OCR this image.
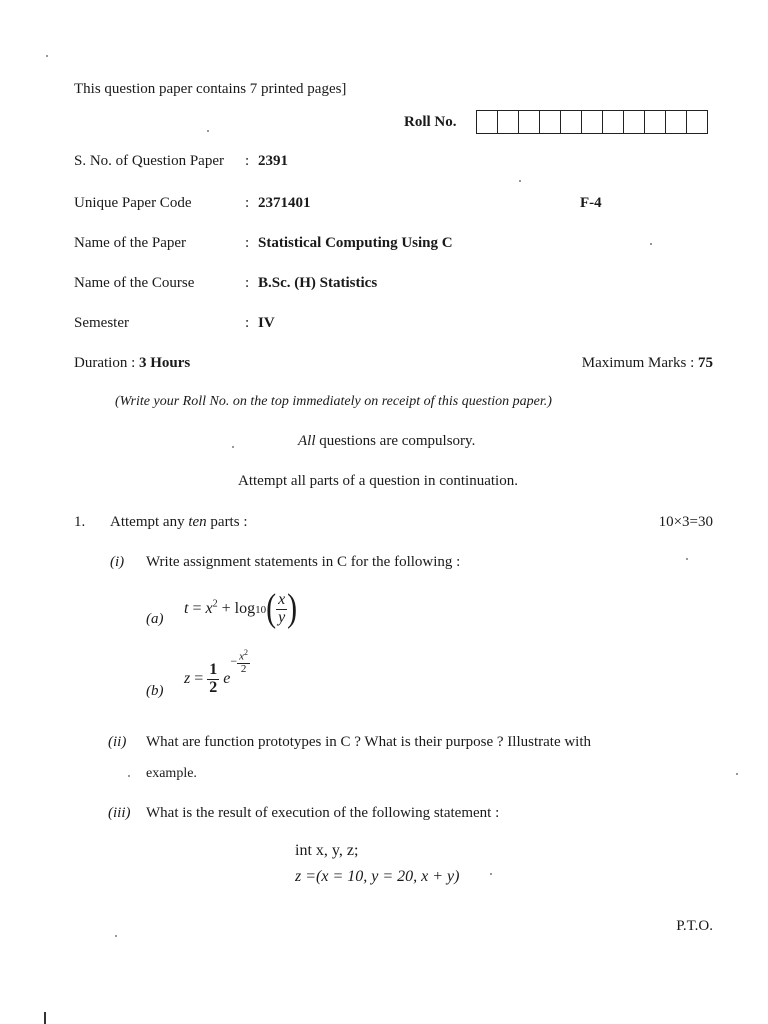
This question paper contains 7 printed pages]
Roll No.
S. No. of Question Paper : 2391
Unique Paper Code	: 2371401	F-4
Name of the Paper	: Statistical Computing Using C
Name of the Course	: B.Sc. (H) Statistics
Semester	: IV
Duration : 3 Hours	Maximum Marks : 75
(Write your Roll No. on the top immediately on receipt of this question paper.)
All questions are compulsory.
Attempt all parts of a question in continuation.
1. Attempt any ten parts :	10×3=30
(i) Write assignment statements in C for the following :
(a)
$t = x^2 + \log 10( \frac{x}{y}$ )
(b)
$z = \frac{1}{2} e- \frac{x^2}{2}$
(ii) What are function prototypes in C ? What is their purpose ? Illustrate with
example.
(iii) What is the result of execution of the following statement :
int x, y, z;
z =(x = 10, y = 20, x + y)
P.T.O.
